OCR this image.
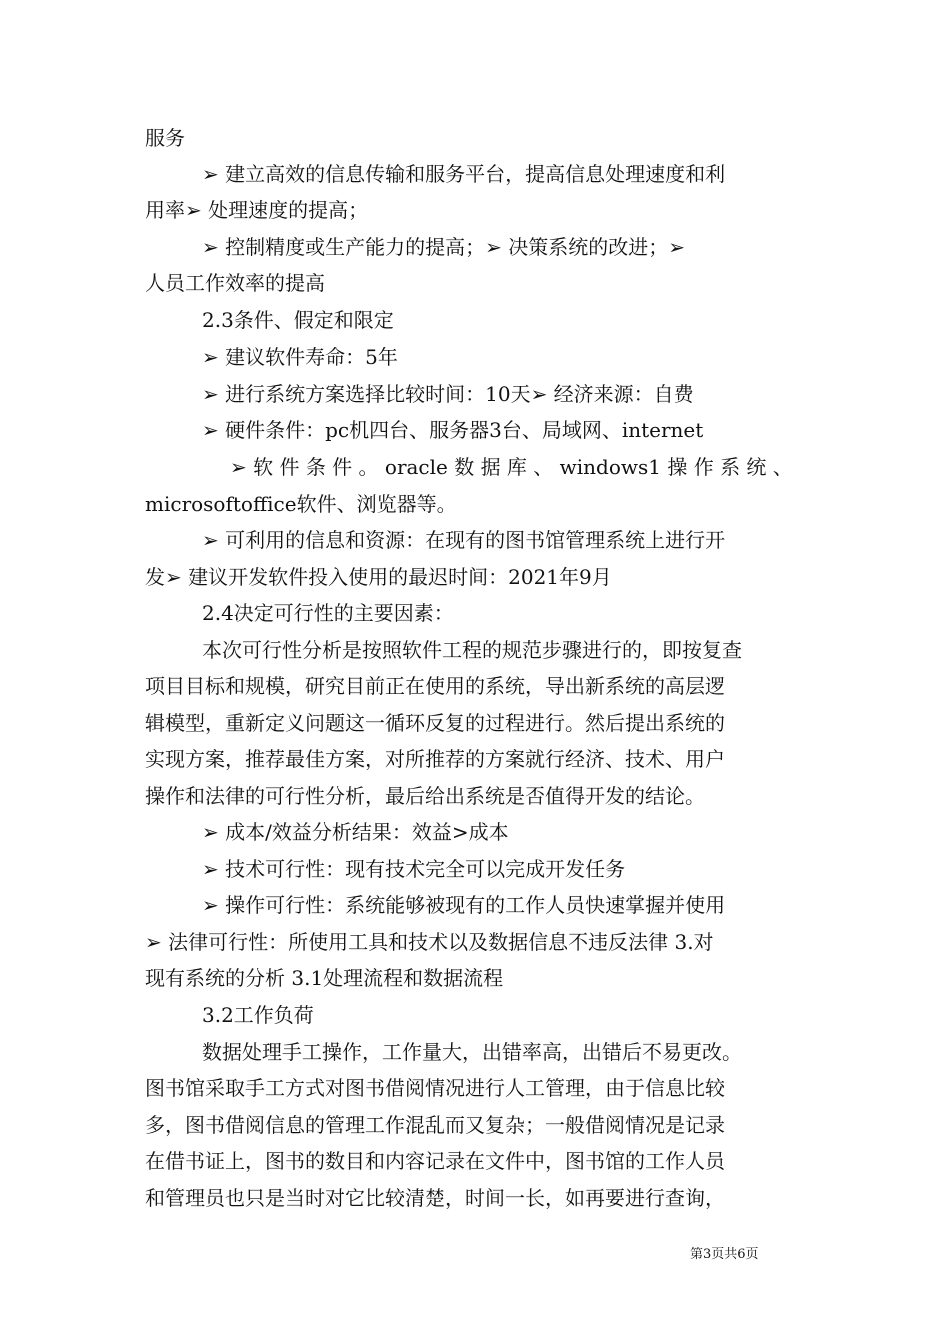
服务
➢ 建立高效的信息传输和服务平台，提高信息处理速度和利
用率➢ 处理速度的提高；
➢ 控制精度或生产能力的提高；➢ 决策系统的改进；➢
人员工作效率的提高
2.3条件、假定和限定
➢ 建议软件寿命：5年
➢ 进行系统方案选择比较时间：10天➢ 经济来源：自费
➢ 硬件条件：pc机四台、服务器3台、局域网、internet
➢ 软 件 条 件 。 oracle 数 据 库 、 windows1 操 作 系 统 、
microsoftoffice软件、浏览器等。
➢ 可利用的信息和资源：在现有的图书馆管理系统上进行开
发➢ 建议开发软件投入使用的最迟时间：2021年9月
2.4决定可行性的主要因素：
本次可行性分析是按照软件工程的规范步骤进行的，即按复查
项目目标和规模，研究目前正在使用的系统，导出新系统的高层逻
辑模型，重新定义问题这一循环反复的过程进行。然后提出系统的
实现方案，推荐最佳方案，对所推荐的方案就行经济、技术、用户
操作和法律的可行性分析，最后给出系统是否值得开发的结论。
➢ 成本/效益分析结果：效益>成本
➢ 技术可行性：现有技术完全可以完成开发任务
➢ 操作可行性：系统能够被现有的工作人员快速掌握并使用
➢ 法律可行性：所使用工具和技术以及数据信息不违反法律 3.对
现有系统的分析 3.1处理流程和数据流程
3.2工作负荷
数据处理手工操作，工作量大，出错率高，出错后不易更改。
图书馆采取手工方式对图书借阅情况进行人工管理，由于信息比较
多，图书借阅信息的管理工作混乱而又复杂；一般借阅情况是记录
在借书证上，图书的数目和内容记录在文件中，图书馆的工作人员
和管理员也只是当时对它比较清楚，时间一长，如再要进行查询，
第3页共6页
